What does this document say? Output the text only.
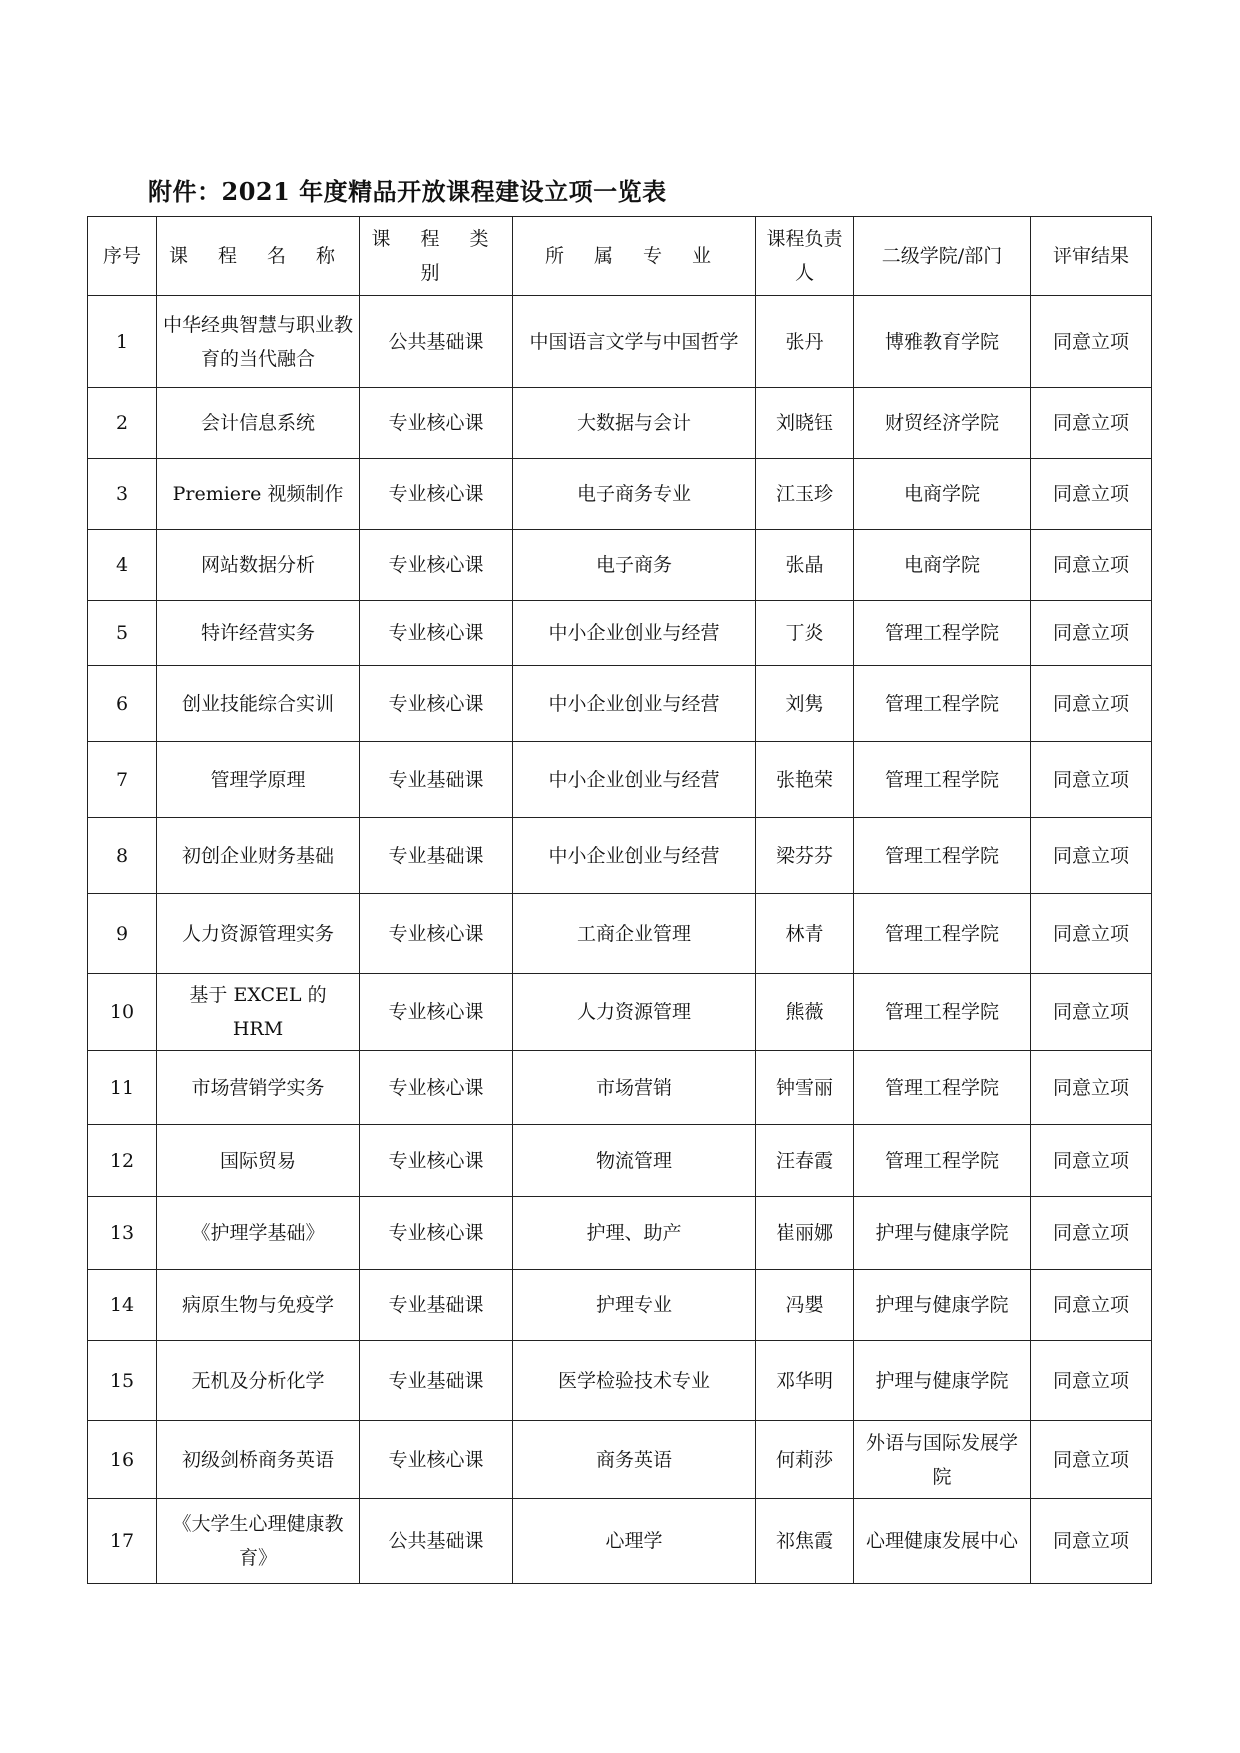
附件：2021 年度精品开放课程建设立项一览表
序号	课 程 名 称	课 程 类 别	所 属 专 业	课程负责人	二级学院/部门	评审结果
1	中华经典智慧与职业教育的当代融合	公共基础课	中国语言文学与中国哲学	张丹	博雅教育学院	同意立项
2	会计信息系统	专业核心课	大数据与会计	刘晓钰	财贸经济学院	同意立项
3	Premiere 视频制作	专业核心课	电子商务专业	江玉珍	电商学院	同意立项
4	网站数据分析	专业核心课	电子商务	张晶	电商学院	同意立项
5	特许经营实务	专业核心课	中小企业创业与经营	丁炎	管理工程学院	同意立项
6	创业技能综合实训	专业核心课	中小企业创业与经营	刘隽	管理工程学院	同意立项
7	管理学原理	专业基础课	中小企业创业与经营	张艳荣	管理工程学院	同意立项
8	初创企业财务基础	专业基础课	中小企业创业与经营	梁芬芬	管理工程学院	同意立项
9	人力资源管理实务	专业核心课	工商企业管理	林青	管理工程学院	同意立项
10	基于 EXCEL 的 HRM	专业核心课	人力资源管理	熊薇	管理工程学院	同意立项
11	市场营销学实务	专业核心课	市场营销	钟雪丽	管理工程学院	同意立项
12	国际贸易	专业核心课	物流管理	汪春霞	管理工程学院	同意立项
13	《护理学基础》	专业核心课	护理、助产	崔丽娜	护理与健康学院	同意立项
14	病原生物与免疫学	专业基础课	护理专业	冯嬰	护理与健康学院	同意立项
15	无机及分析化学	专业基础课	医学检验技术专业	邓华明	护理与健康学院	同意立项
16	初级剑桥商务英语	专业核心课	商务英语	何莉莎	外语与国际发展学院	同意立项
17	《大学生心理健康教育》	公共基础课	心理学	祁焦霞	心理健康发展中心	同意立项
